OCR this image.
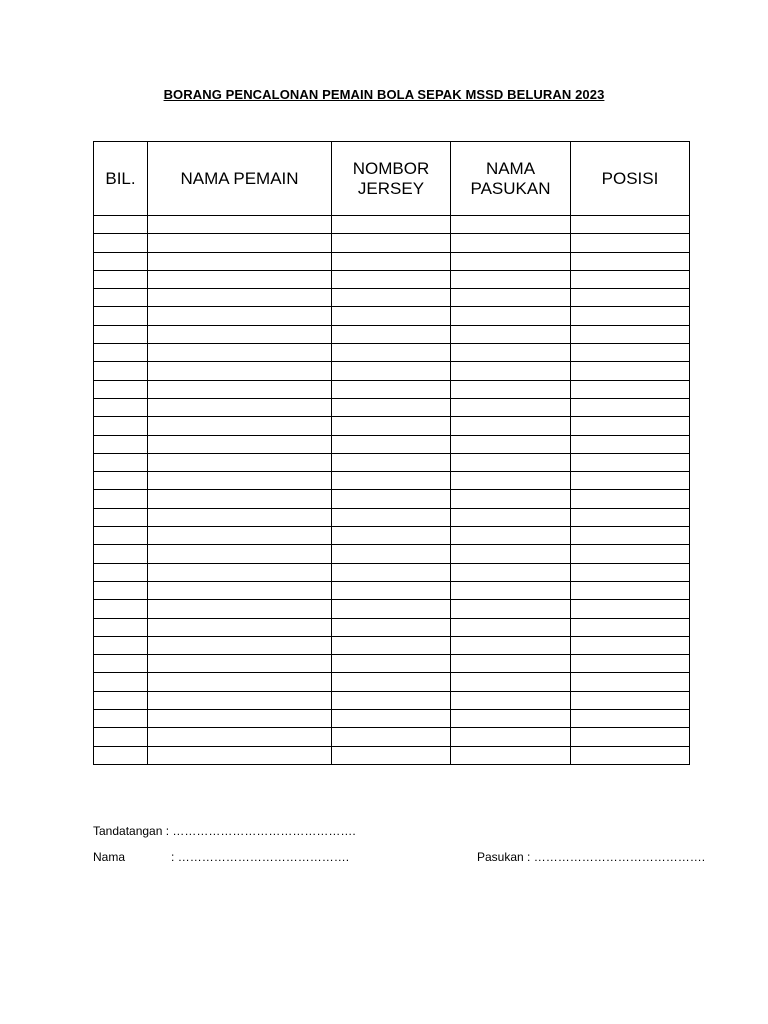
BORANG PENCALONAN PEMAIN BOLA SEPAK MSSD BELURAN 2023
BIL.	NAMA PEMAIN	NOMBOR JERSEY	NAMA PASUKAN	POSISI

Tandatangan : ……………………………………….
Nama	: …………………………………….	Pasukan : …………………………………….
